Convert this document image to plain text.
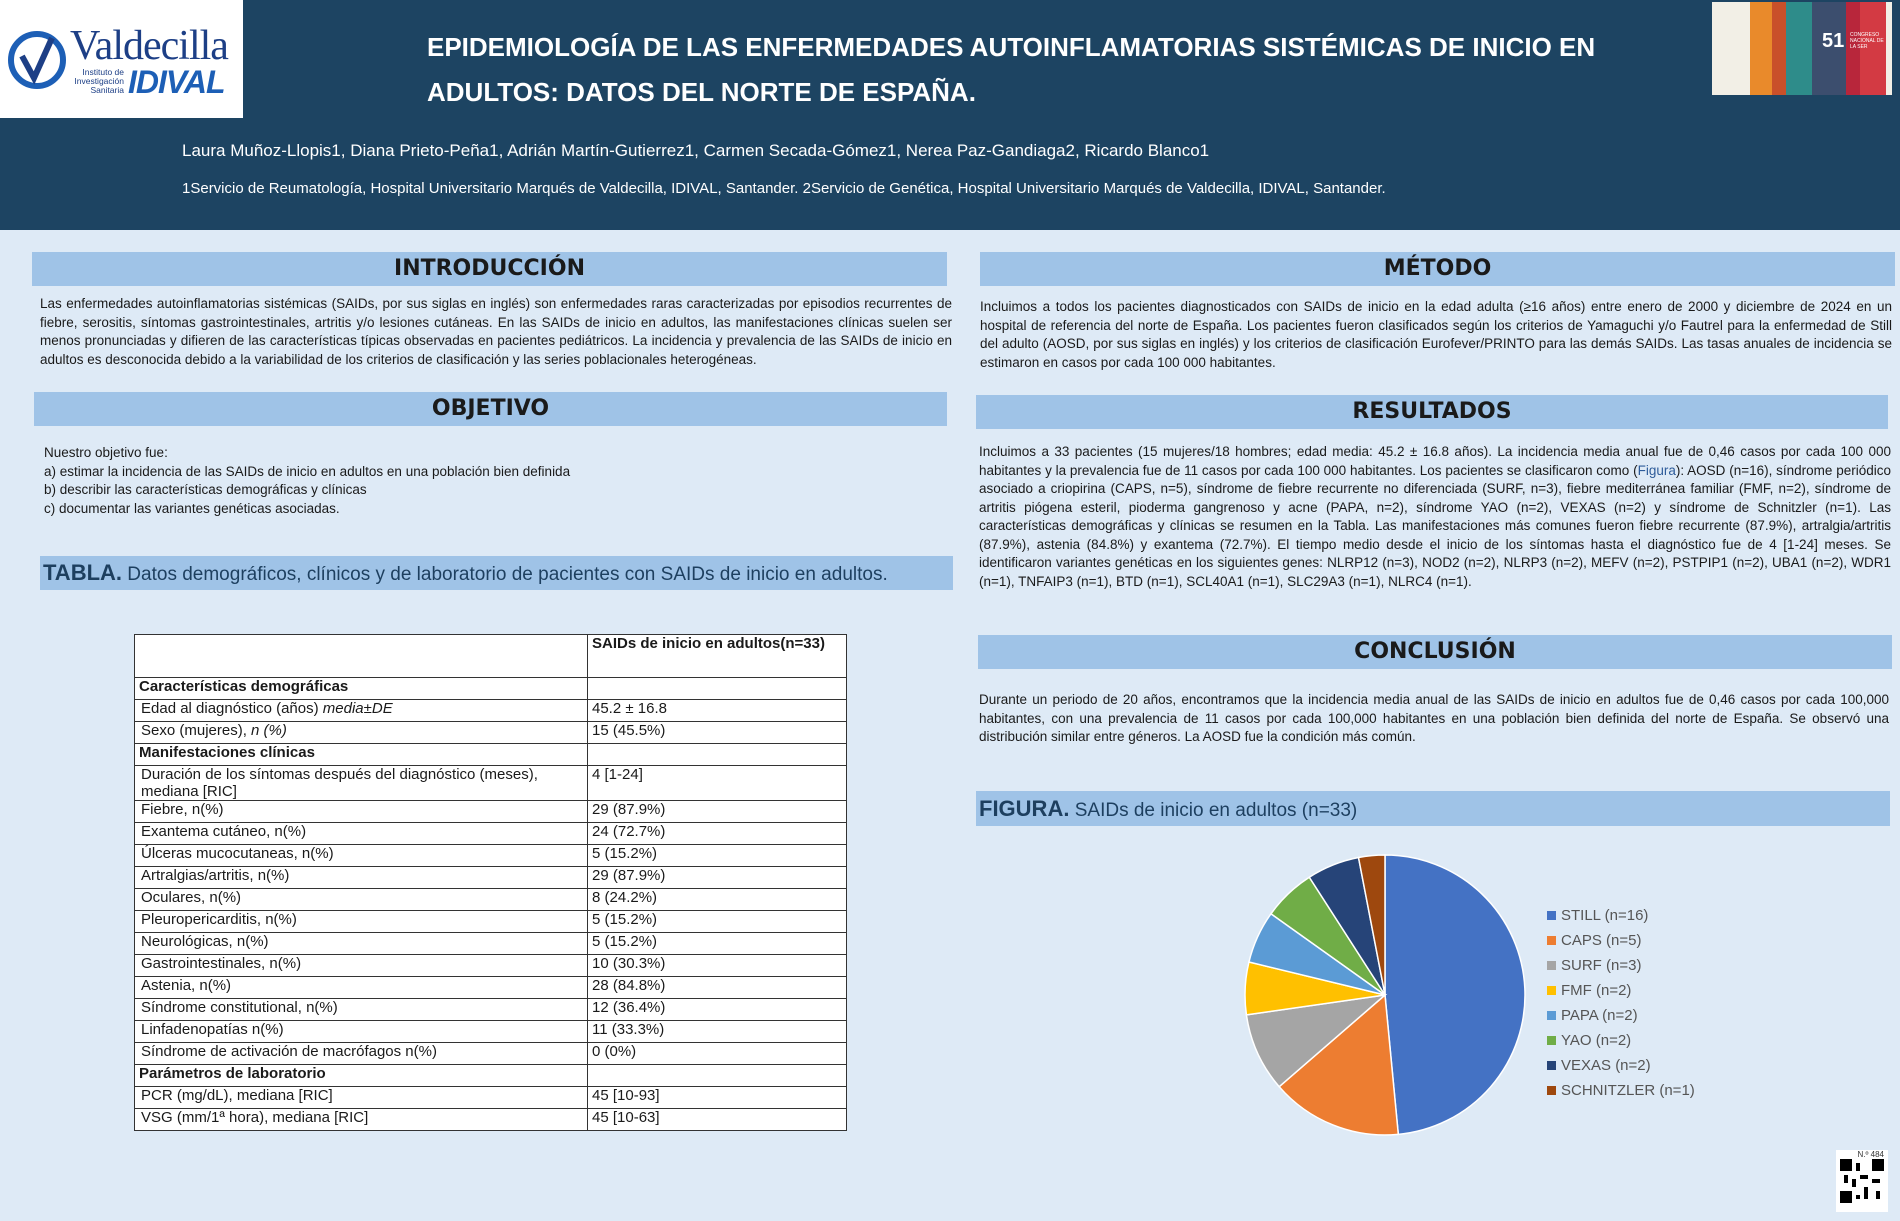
Valdecilla
Instituto de Investigación Sanitaria IDIVAL
EPIDEMIOLOGÍA DE LAS ENFERMEDADES AUTOINFLAMATORIAS SISTÉMICAS DE INICIO EN
ADULTOS: DATOS DEL NORTE DE ESPAÑA.
Laura Muñoz-Llopis1, Diana Prieto-Peña1, Adrián Martín-Gutierrez1, Carmen Secada-Gómez1, Nerea Paz-Gandiaga2, Ricardo Blanco1
1Servicio de Reumatología, Hospital Universitario Marqués de Valdecilla, IDIVAL, Santander. 2Servicio de Genética, Hospital Universitario Marqués de Valdecilla, IDIVAL, Santander.
51 CONGRESO NACIONAL DE LA SER
INTRODUCCIÓN
Las enfermedades autoinflamatorias sistémicas (SAIDs, por sus siglas en inglés) son enfermedades raras caracterizadas por episodios recurrentes de fiebre, serositis, síntomas gastrointestinales, artritis y/o lesiones cutáneas. En las SAIDs de inicio en adultos, las manifestaciones clínicas suelen ser menos pronunciadas y difieren de las características típicas observadas en pacientes pediátricos. La incidencia y prevalencia de las SAIDs de inicio en adultos es desconocida debido a la variabilidad de los criterios de clasificación y las series poblacionales heterogéneas.
OBJETIVO
Nuestro objetivo fue:
a) estimar la incidencia de las SAIDs de inicio en adultos en una población bien definida
b) describir las características demográficas y clínicas
c) documentar las variantes genéticas asociadas.
TABLA. Datos demográficos, clínicos y de laboratorio de pacientes con SAIDs de inicio en adultos.
	SAIDs de inicio en adultos(n=33)
Características demográficas	
Edad al diagnóstico (años) media±DE	45.2 ± 16.8
Sexo (mujeres), n (%)	15 (45.5%)
Manifestaciones clínicas	
Duración de los síntomas después del diagnóstico (meses), mediana [RIC]	4 [1-24]
Fiebre, n(%)	29 (87.9%)
Exantema cutáneo, n(%)	24 (72.7%)
Úlceras mucocutaneas, n(%)	5 (15.2%)
Artralgias/artritis, n(%)	29 (87.9%)
Oculares, n(%)	8 (24.2%)
Pleuropericarditis, n(%)	5 (15.2%)
Neurológicas, n(%)	5 (15.2%)
Gastrointestinales, n(%)	10 (30.3%)
Astenia, n(%)	28 (84.8%)
Síndrome constitutional, n(%)	12 (36.4%)
Linfadenopatías n(%)	11 (33.3%)
Síndrome de activación de macrófagos n(%)	0 (0%)
Parámetros de laboratorio	
PCR (mg/dL), mediana [RIC]	45 [10-93]
VSG (mm/1ª hora), mediana [RIC]	45 [10-63]
MÉTODO
Incluimos a todos los pacientes diagnosticados con SAIDs de inicio en la edad adulta (≥16 años) entre enero de 2000 y diciembre de 2024 en un hospital de referencia del norte de España. Los pacientes fueron clasificados según los criterios de Yamaguchi y/o Fautrel para la enfermedad de Still del adulto (AOSD, por sus siglas en inglés) y los criterios de clasificación Eurofever/PRINTO para las demás SAIDs. Las tasas anuales de incidencia se estimaron en casos por cada 100 000 habitantes.
RESULTADOS
Incluimos a 33 pacientes (15 mujeres/18 hombres; edad media: 45.2 ± 16.8 años). La incidencia media anual fue de 0,46 casos por cada 100 000 habitantes y la prevalencia fue de 11 casos por cada 100 000 habitantes. Los pacientes se clasificaron como (Figura): AOSD (n=16), síndrome periódico asociado a criopirina (CAPS, n=5), síndrome de fiebre recurrente no diferenciada (SURF, n=3), fiebre mediterránea familiar (FMF, n=2), síndrome de artritis piógena esteril, pioderma gangrenoso y acne (PAPA, n=2), síndrome YAO (n=2), VEXAS (n=2) y síndrome de Schnitzler (n=1). Las características demográficas y clínicas se resumen en la Tabla. Las manifestaciones más comunes fueron fiebre recurrente (87.9%), artralgia/artritis (87.9%), astenia (84.8%) y exantema (72.7%). El tiempo medio desde el inicio de los síntomas hasta el diagnóstico fue de 4 [1-24] meses. Se identificaron variantes genéticas en los siguientes genes: NLRP12 (n=3), NOD2 (n=2), NLRP3 (n=2), MEFV (n=2), PSTPIP1 (n=2), UBA1 (n=2), WDR1 (n=1), TNFAIP3 (n=1), BTD (n=1), SCL40A1 (n=1), SLC29A3 (n=1), NLRC4 (n=1).
CONCLUSIÓN
Durante un periodo de 20 años, encontramos que la incidencia media anual de las SAIDs de inicio en adultos fue de 0,46 casos por cada 100,000 habitantes, con una prevalencia de 11 casos por cada 100,000 habitantes en una población bien definida del norte de España. Se observó una distribución similar entre géneros. La AOSD fue la condición más común.
FIGURA. SAIDs de inicio en adultos (n=33)
STILL (n=16)
CAPS (n=5)
SURF (n=3)
FMF (n=2)
PAPA (n=2)
YAO (n=2)
VEXAS (n=2)
SCHNITZLER (n=1)
N.º 484
